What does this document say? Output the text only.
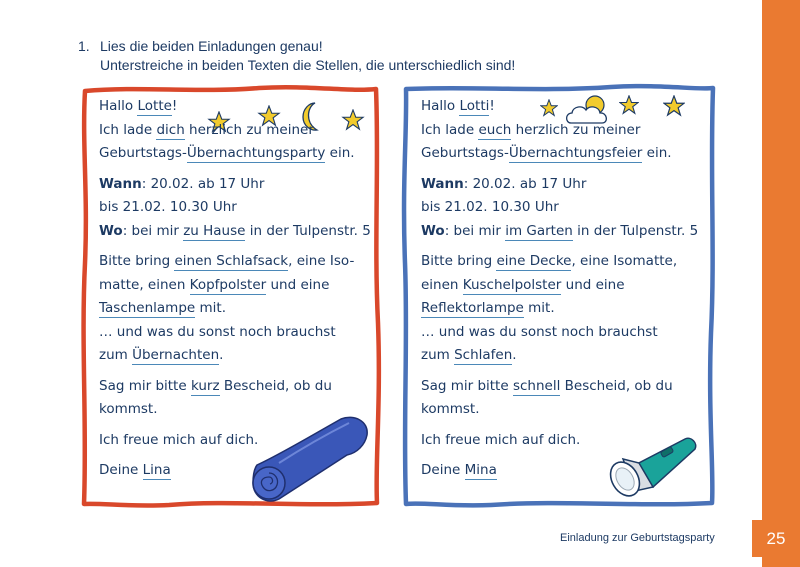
1. Lies die beiden Einladungen genau!
Unterstreiche in beiden Texten die Stellen, die unterschiedlich sind!
Hallo Lotte!
Ich lade dich herzlich zu meiner
Geburtstags-Übernachtungsparty ein.
Wann: 20.02. ab 17 Uhr
bis 21.02. 10.30 Uhr
Wo: bei mir zu Hause in der Tulpenstr. 5
Bitte bring einen Schlafsack, eine Iso-
matte, einen Kopfpolster und eine
Taschenlampe mit.
… und was du sonst noch brauchst
zum Übernachten.
Sag mir bitte kurz Bescheid, ob du
kommst.
Ich freue mich auf dich.
Deine Lina
Hallo Lotti!
Ich lade euch herzlich zu meiner
Geburtstags-Übernachtungsfeier ein.
Wann: 20.02. ab 17 Uhr
bis 21.02. 10.30 Uhr
Wo: bei mir im Garten in der Tulpenstr. 5
Bitte bring eine Decke, eine Isomatte,
einen Kuschelpolster und eine
Reflektorlampe mit.
… und was du sonst noch brauchst
zum Schlafen.
Sag mir bitte schnell Bescheid, ob du
kommst.
Ich freue mich auf dich.
Deine Mina
Einladung zur Geburtstagsparty	25
